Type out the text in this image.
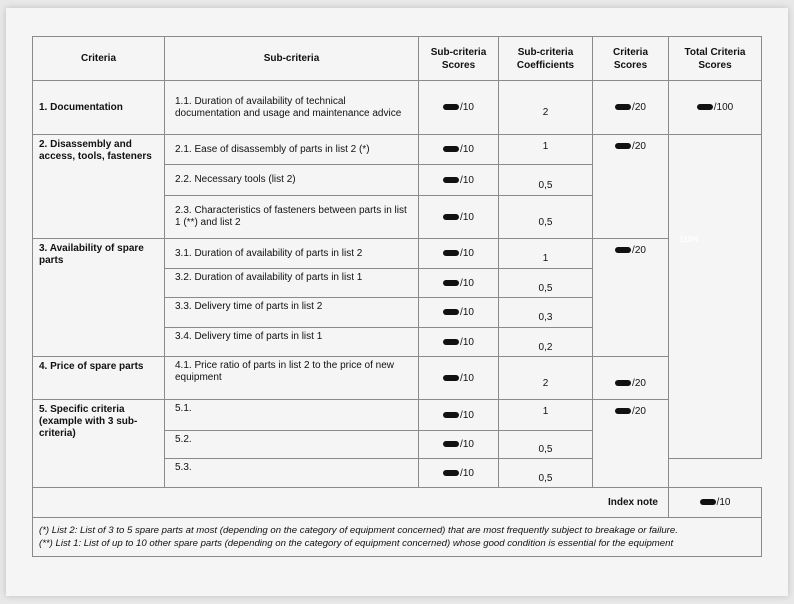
Criteria	Sub-criteria	Sub-criteria Scores	Sub-criteria Coefficients	Criteria Scores	Total Criteria Scores
1. Documentation	1.1. Duration of availability of technical documentation and usage and maintenance advice	/10	2	/20	/100
2. Disassembly and access, tools, fasteners	2.1. Ease of disassembly of parts in list 2 (*)	/10	1	/20	110%

	2.2. Necessary tools (list 2)	/10	0,5		
	2.3. Characteristics of fasteners between parts in list 1 (**) and list 2	/10	0,5		
3. Availability of spare parts	3.1. Duration of availability of parts in list 2	/10	1	/20	
	3.2. Duration of availability of parts in list 1	/10	0,5		
	3.3. Delivery time of parts in list 2	/10	0,3		
	3.4. Delivery time of parts in list 1	/10	0,2		
4. Price of spare parts	4.1. Price ratio of parts in list 2 to the price of new equipment	/10	2	/20	
5. Specific criteria (example with 3 sub-criteria)	5.1.	/10	1	/20	
	5.2.	/10	0,5		
	5.3.	/10	0,5		
Index note					/10

(*) List 2: List of 3 to 5 spare parts at most (depending on the category of equipment concerned) that are most frequently subject to breakage or failure.
(**) List 1: List of up to 10 other spare parts (depending on the category of equipment concerned) whose good condition is essential for the equipment					
